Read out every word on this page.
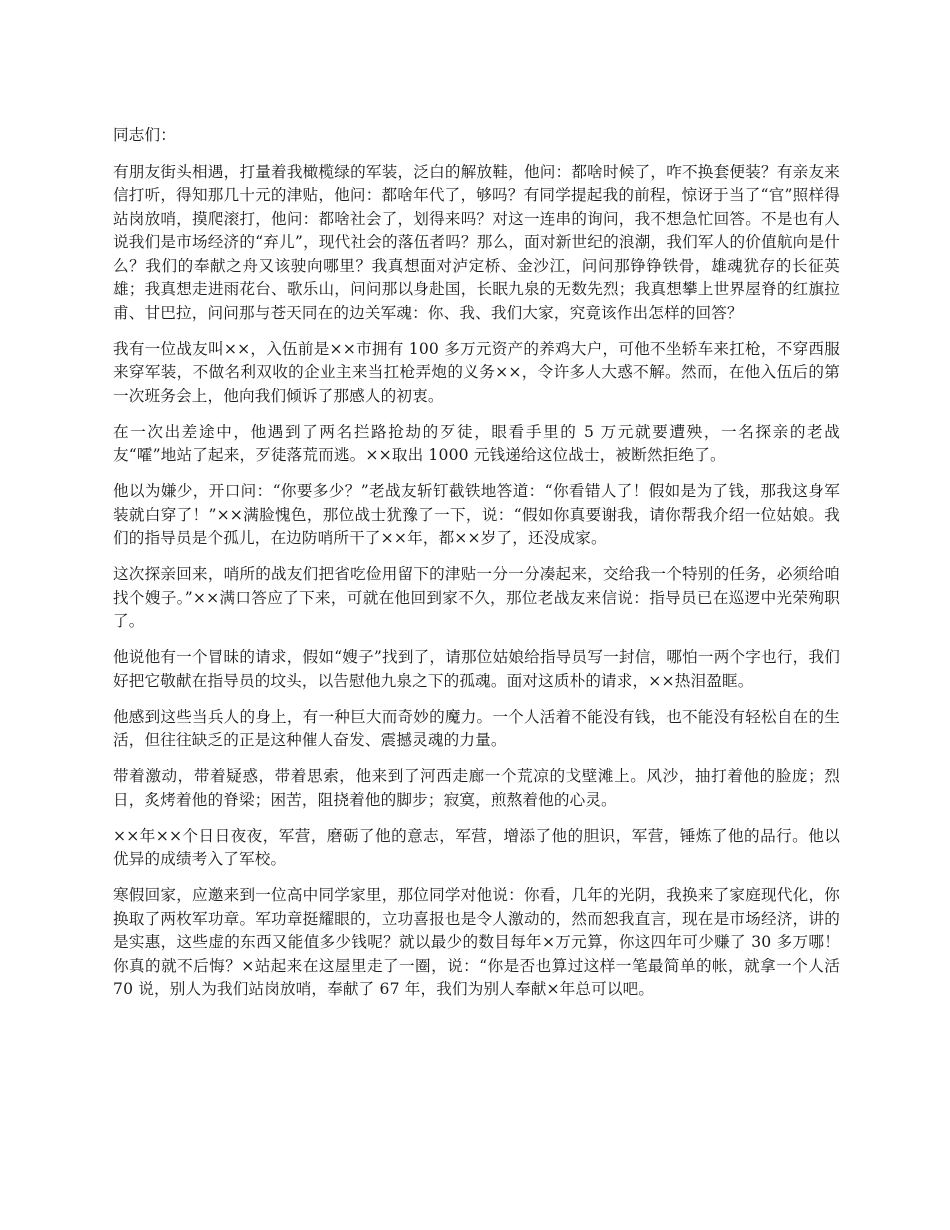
同志们：

有朋友街头相遇，打量着我橄榄绿的军装，泛白的解放鞋，他问：都啥时候了，咋不换套便装？有亲友来信打听，得知那几十元的津贴，他问：都啥年代了，够吗？有同学提起我的前程，惊讶于当了“官”照样得站岗放哨，摸爬滚打，他问：都啥社会了，划得来吗？对这一连串的询问，我不想急忙回答。不是也有人说我们是市场经济的“弃儿”，现代社会的落伍者吗？那么，面对新世纪的浪潮，我们军人的价值航向是什么？我们的奉献之舟又该驶向哪里？我真想面对泸定桥、金沙江，问问那铮铮铁骨，雄魂犹存的长征英雄；我真想走进雨花台、歌乐山，问问那以身赴国，长眠九泉的无数先烈；我真想攀上世界屋脊的红旗拉甫、甘巴拉，问问那与苍天同在的边关军魂：你、我、我们大家，究竟该作出怎样的回答？

我有一位战友叫××，入伍前是××市拥有 100 多万元资产的养鸡大户，可他不坐轿车来扛枪，不穿西服来穿军装，不做名利双收的企业主来当扛枪弄炮的义务××，令许多人大惑不解。然而，在他入伍后的第一次班务会上，他向我们倾诉了那感人的初衷。

在一次出差途中，他遇到了两名拦路抢劫的歹徒，眼看手里的 5 万元就要遭殃，一名探亲的老战友“嚯”地站了起来，歹徒落荒而逃。××取出 1000 元钱递给这位战士，被断然拒绝了。

他以为嫌少，开口问：“你要多少？”老战友斩钉截铁地答道：“你看错人了！假如是为了钱，那我这身军装就白穿了！”××满脸愧色，那位战士犹豫了一下，说：“假如你真要谢我，请你帮我介绍一位姑娘。我们的指导员是个孤儿，在边防哨所干了××年，都××岁了，还没成家。

这次探亲回来，哨所的战友们把省吃俭用留下的津贴一分一分凑起来，交给我一个特别的任务，必须给咱找个嫂子。”××满口答应了下来，可就在他回到家不久，那位老战友来信说：指导员已在巡逻中光荣殉职了。

他说他有一个冒昧的请求，假如“嫂子”找到了，请那位姑娘给指导员写一封信，哪怕一两个字也行，我们好把它敬献在指导员的坟头，以告慰他九泉之下的孤魂。面对这质朴的请求，××热泪盈眶。

他感到这些当兵人的身上，有一种巨大而奇妙的魔力。一个人活着不能没有钱，也不能没有轻松自在的生活，但往往缺乏的正是这种催人奋发、震撼灵魂的力量。

带着激动，带着疑惑，带着思索，他来到了河西走廊一个荒凉的戈壁滩上。风沙，抽打着他的脸庞；烈日，炙烤着他的脊梁；困苦，阻挠着他的脚步；寂寞，煎熬着他的心灵。

××年××个日日夜夜，军营，磨砺了他的意志，军营，增添了他的胆识，军营，锤炼了他的品行。他以优异的成绩考入了军校。

寒假回家，应邀来到一位高中同学家里，那位同学对他说：你看，几年的光阴，我换来了家庭现代化，你换取了两枚军功章。军功章挺耀眼的，立功喜报也是令人激动的，然而恕我直言，现在是市场经济，讲的是实惠，这些虚的东西又能值多少钱呢？就以最少的数目每年×万元算，你这四年可少赚了 30 多万哪！你真的就不后悔？×站起来在这屋里走了一圈，说：“你是否也算过这样一笔最简单的帐，就拿一个人活 70 说，别人为我们站岗放哨，奉献了 67 年，我们为别人奉献×年总可以吧。
